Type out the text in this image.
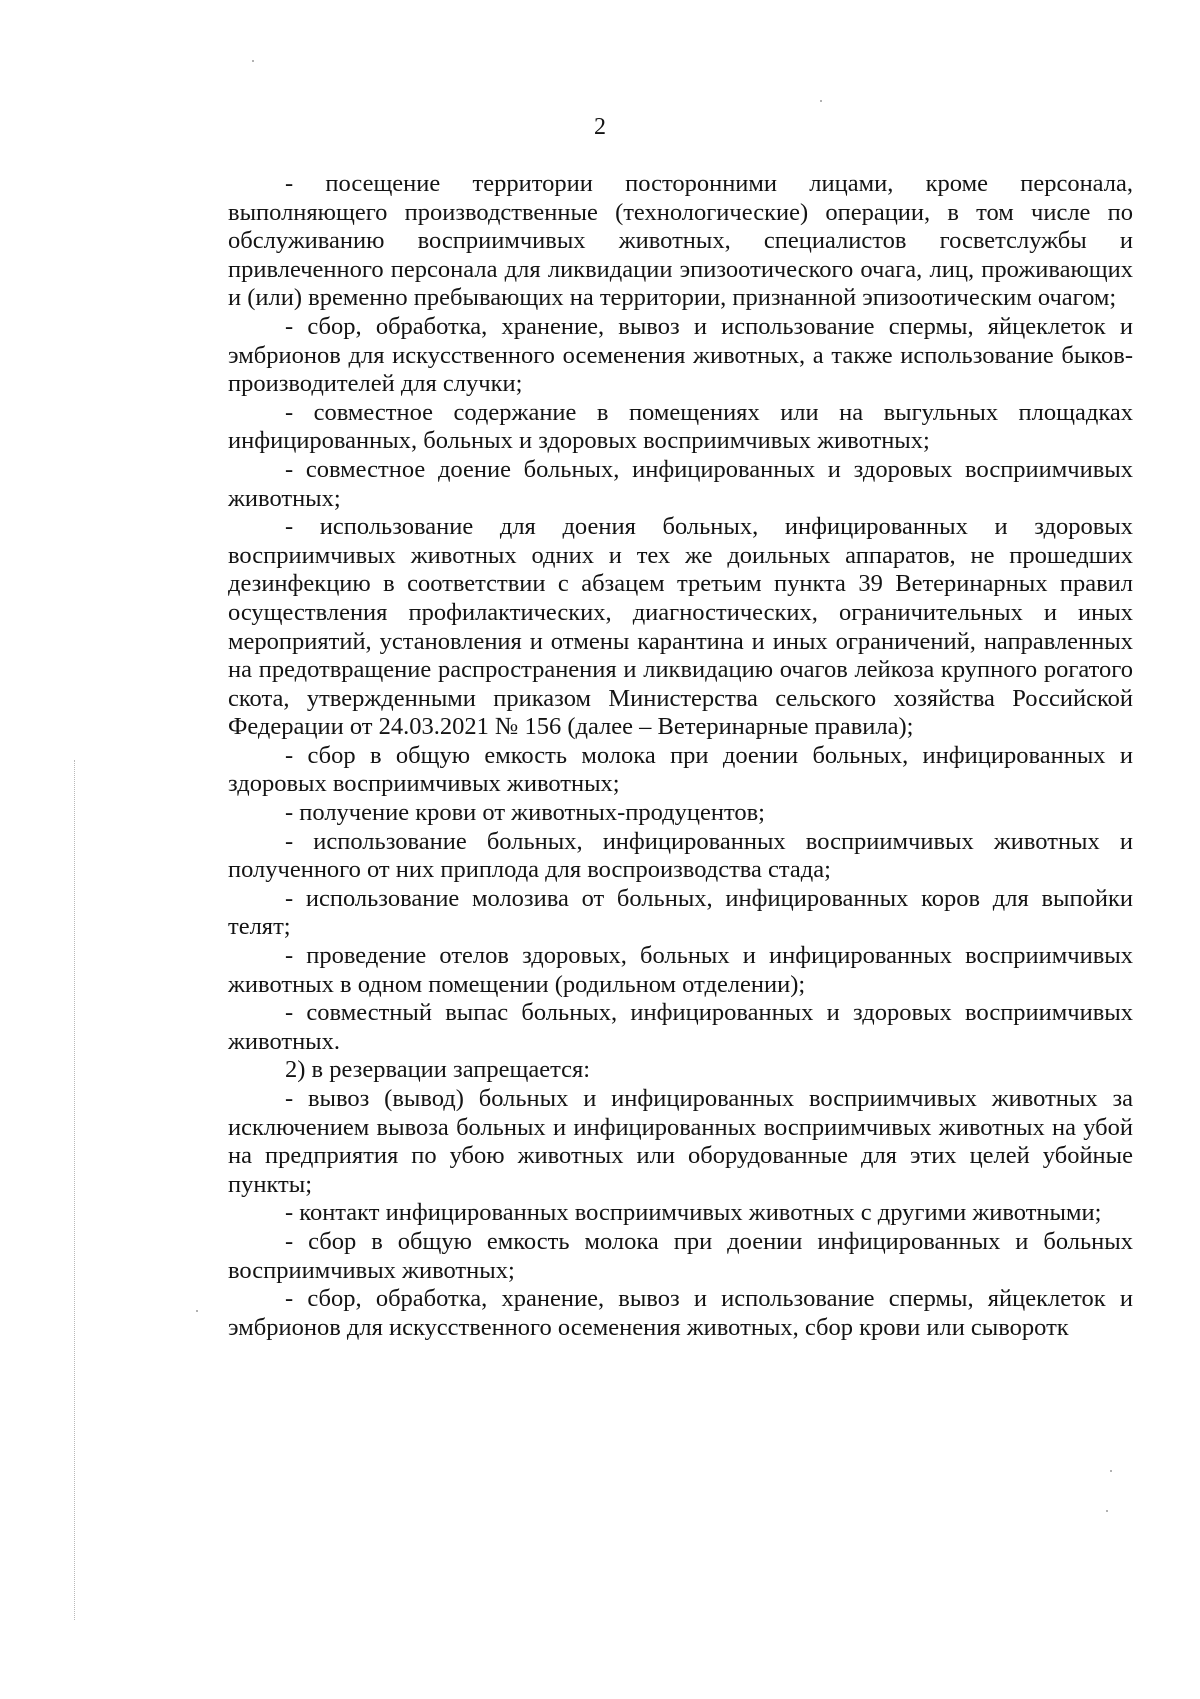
2

- посещение территории посторонними лицами, кроме персонала, выполняющего производственные (технологические) операции, в том числе по обслуживанию восприимчивых животных, специалистов госветслужбы и привлеченного персонала для ликвидации эпизоотического очага, лиц, проживающих и (или) временно пребывающих на территории, признанной эпизоотическим очагом;

- сбор, обработка, хранение, вывоз и использование спермы, яйцеклеток и эмбрионов для искусственного осеменения животных, а также использование быков-производителей для случки;

- совместное содержание в помещениях или на выгульных площадках инфицированных, больных и здоровых восприимчивых животных;

- совместное доение больных, инфицированных и здоровых восприимчивых животных;

- использование для доения больных, инфицированных и здоровых восприимчивых животных одних и тех же доильных аппаратов, не прошедших дезинфекцию в соответствии с абзацем третьим пункта 39 Ветеринарных правил осуществления профилактических, диагностических, ограничительных и иных мероприятий, установления и отмены карантина и иных ограничений, направленных на предотвращение распространения и ликвидацию очагов лейкоза крупного рогатого скота, утвержденными приказом Министерства сельского хозяйства Российской Федерации от 24.03.2021 № 156 (далее – Ветеринарные правила);

- сбор в общую емкость молока при доении больных, инфицированных и здоровых восприимчивых животных;

- получение крови от животных-продуцентов;

- использование больных, инфицированных восприимчивых животных и полученного от них приплода для воспроизводства стада;

- использование молозива от больных, инфицированных коров для выпойки телят;

- проведение отелов здоровых, больных и инфицированных восприимчивых животных в одном помещении (родильном отделении);

- совместный выпас больных, инфицированных и здоровых восприимчивых животных.

2) в резервации запрещается:

- вывоз (вывод) больных и инфицированных восприимчивых животных за исключением вывоза больных и инфицированных восприимчивых животных на убой на предприятия по убою животных или оборудованные для этих целей убойные пункты;

- контакт инфицированных восприимчивых животных с другими животными;

- сбор в общую емкость молока при доении инфицированных и больных восприимчивых животных;

- сбор, обработка, хранение, вывоз и использование спермы, яйцеклеток и эмбрионов для искусственного осеменения животных, сбор крови или сыворотк
